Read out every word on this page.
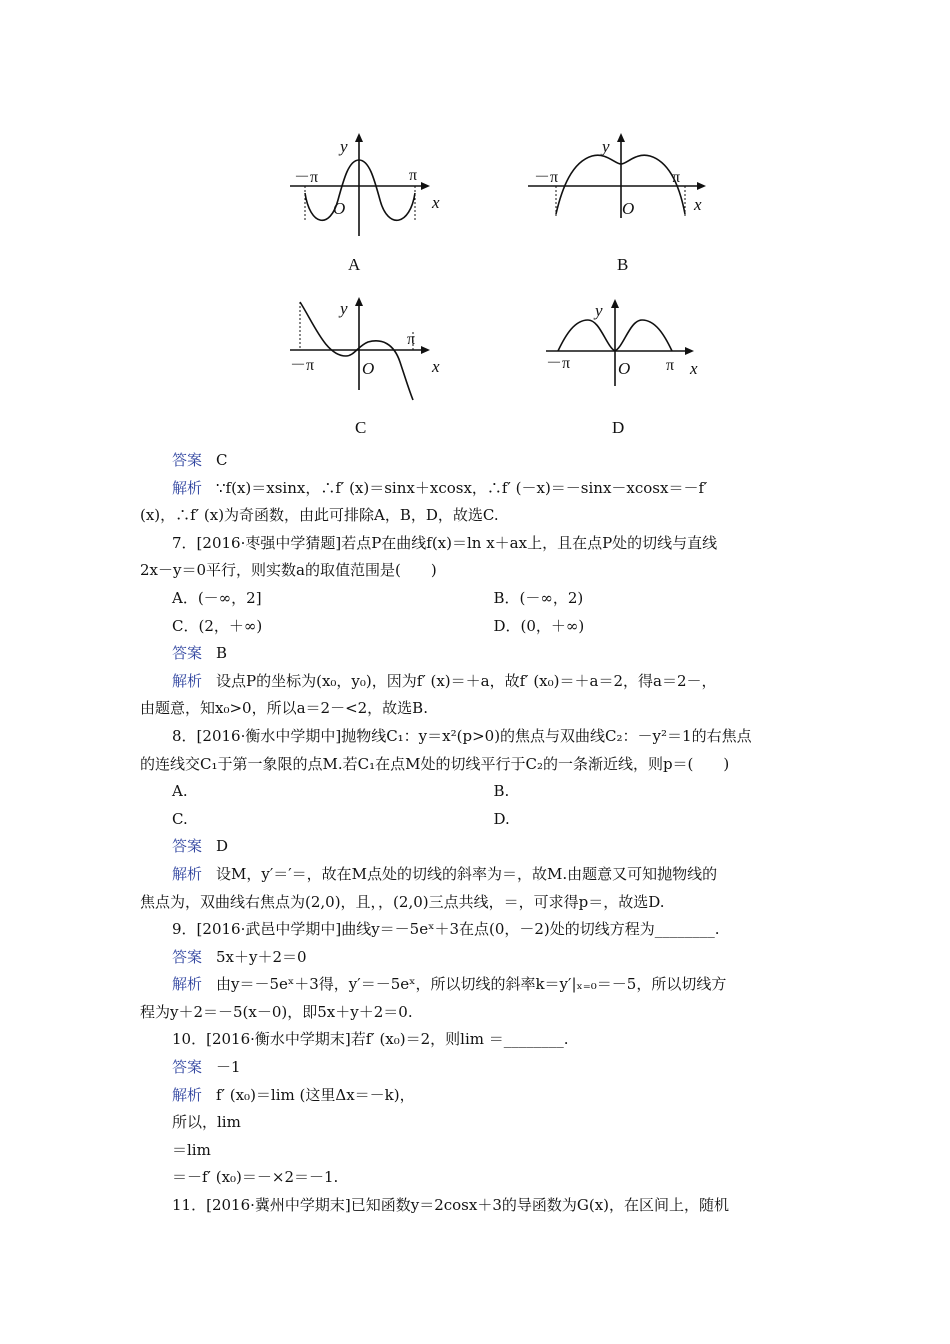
－π	π
y
x
O
A
－π	π
y
x
O
B
－π
π
y
x
O
C
－π	π
y
x
O
D
答案 C
解析 ∵f(x)＝xsinx，∴f′ (x)＝sinx＋xcosx，∴f′ (－x)＝－sinx－xcosx＝－f′
(x)，∴f′ (x)为奇函数，由此可排除A，B，D，故选C.
7．[2016·枣强中学猜题]若点P在曲线f(x)＝ln x＋ax上，且在点P处的切线与直线
2x－y＝0平行，则实数a的取值范围是(　　)
A．(－∞，2]	B．(－∞，2)
C．(2，＋∞)	D．(0，＋∞)
答案 B
解析 设点P的坐标为(x₀，y₀)，因为f′ (x)＝＋a，故f′ (x₀)＝＋a＝2，得a＝2－，
由题意，知x₀>0，所以a＝2－<2，故选B.
8．[2016·衡水中学期中]抛物线C₁：y＝x²(p>0)的焦点与双曲线C₂：－y²＝1的右焦点
的连线交C₁于第一象限的点M.若C₁在点M处的切线平行于C₂的一条渐近线，则p＝(　　)
A.	B.
C.	D.
答案 D
解析 设M，y′＝′＝，故在M点处的切线的斜率为＝，故M.由题意又可知抛物线的
焦点为，双曲线右焦点为(2,0)，且，，(2,0)三点共线，＝，可求得p＝，故选D.
9．[2016·武邑中学期中]曲线y＝－5eˣ＋3在点(0，－2)处的切线方程为________.
答案 5x＋y＋2＝0
解析 由y＝－5eˣ＋3得，y′＝－5eˣ，所以切线的斜率k＝y′|ₓ₌₀＝－5，所以切线方
程为y＋2＝－5(x－0)，即5x＋y＋2＝0.
10．[2016·衡水中学期末]若f′ (x₀)＝2，则lim ＝________.
答案 －1
解析 f′ (x₀)＝lim (这里Δx＝－k)，
所以，lim
＝lim
＝－f′ (x₀)＝－×2＝－1.
11．[2016·冀州中学期末]已知函数y＝2cosx＋3的导函数为G(x)，在区间上，随机
